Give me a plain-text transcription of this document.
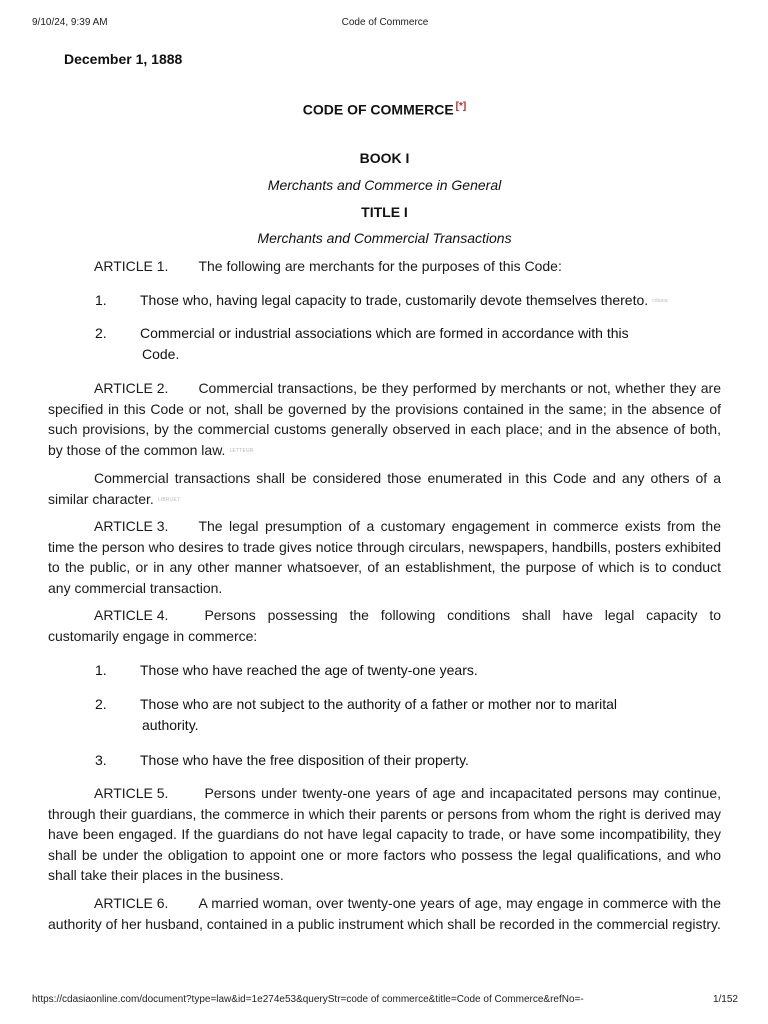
9/10/24, 9:39 AM	Code of Commerce
December 1, 1888
CODE OF COMMERCE [*]
BOOK I
Merchants and Commerce in General
TITLE I
Merchants and Commercial Transactions
ARTICLE 1. The following are merchants for the purposes of this Code:
1. Those who, having legal capacity to trade, customarily devote themselves thereto. cdasia
2. Commercial or industrial associations which are formed in accordance with this
Code.
ARTICLE 2. Commercial transactions, be they performed by merchants or not, whether they are specified in this Code or not, shall be governed by the provisions contained in the same; in the absence of such provisions, by the commercial customs generally observed in each place; and in the absence of both, by those of the common law. LETTEUR
Commercial transactions shall be considered those enumerated in this Code and any others of a similar character. LIBRUET
ARTICLE 3. The legal presumption of a customary engagement in commerce exists from the time the person who desires to trade gives notice through circulars, newspapers, handbills, posters exhibited to the public, or in any other manner whatsoever, of an establishment, the purpose of which is to conduct any commercial transaction.
ARTICLE 4.	Persons possessing the following conditions shall have legal capacity to customarily engage in commerce:
1. Those who have reached the age of twenty-one years.
2. Those who are not subject to the authority of a father or mother nor to marital
authority.
3. Those who have the free disposition of their property.
ARTICLE 5.	Persons under twenty-one years of age and incapacitated persons may continue, through their guardians, the commerce in which their parents or persons from whom the right is derived may have been engaged. If the guardians do not have legal capacity to trade, or have some incompatibility, they shall be under the obligation to appoint one or more factors who possess the legal qualifications, and who shall take their places in the business.
ARTICLE 6. A married woman, over twenty-one years of age, may engage in commerce with the authority of her husband, contained in a public instrument which shall be recorded in the commercial registry.
https://cdasiaonline.com/document?type=law&id=1e274e53&queryStr=code of commerce&title=Code of Commerce&refNo=-	1/152
